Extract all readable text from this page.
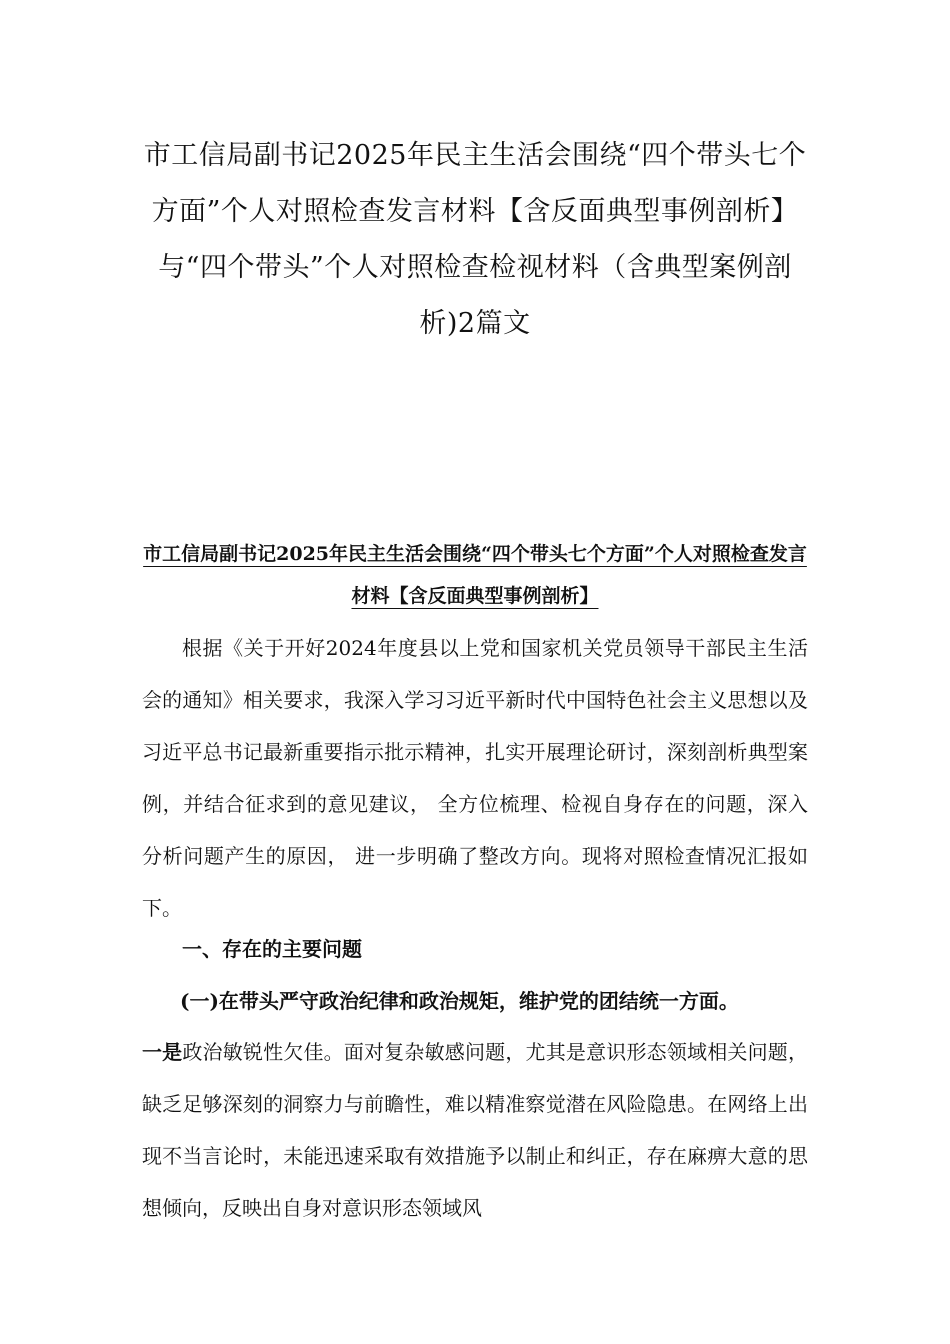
市工信局副书记2025年民主生活会围绕“四个带头七个方面”个人对照检查发言材料【含反面典型事例剖析】与“四个带头”个人对照检查检视材料（含典型案例剖析)2篇文
市工信局副书记2025年民主生活会围绕“四个带头七个方面”个人对照检查发言材料【含反面典型事例剖析】

根据《关于开好2024年度县以上党和国家机关党员领导干部民主生活会的通知》相关要求，我深入学习习近平新时代中国特色社会主义思想以及习近平总书记最新重要指示批示精神，扎实开展理论研讨，深刻剖析典型案例，并结合征求到的意见建议， 全方位梳理、检视自身存在的问题，深入分析问题产生的原因， 进一步明确了整改方向。现将对照检查情况汇报如下。

一、存在的主要问题

(一)在带头严守政治纪律和政治规矩，维护党的团结统一方面。

一是政治敏锐性欠佳。面对复杂敏感问题，尤其是意识形态领域相关问题，缺乏足够深刻的洞察力与前瞻性，难以精准察觉潜在风险隐患。在网络上出现不当言论时，未能迅速采取有效措施予以制止和纠正，存在麻痹大意的思想倾向，反映出自身对意识形态领域风
